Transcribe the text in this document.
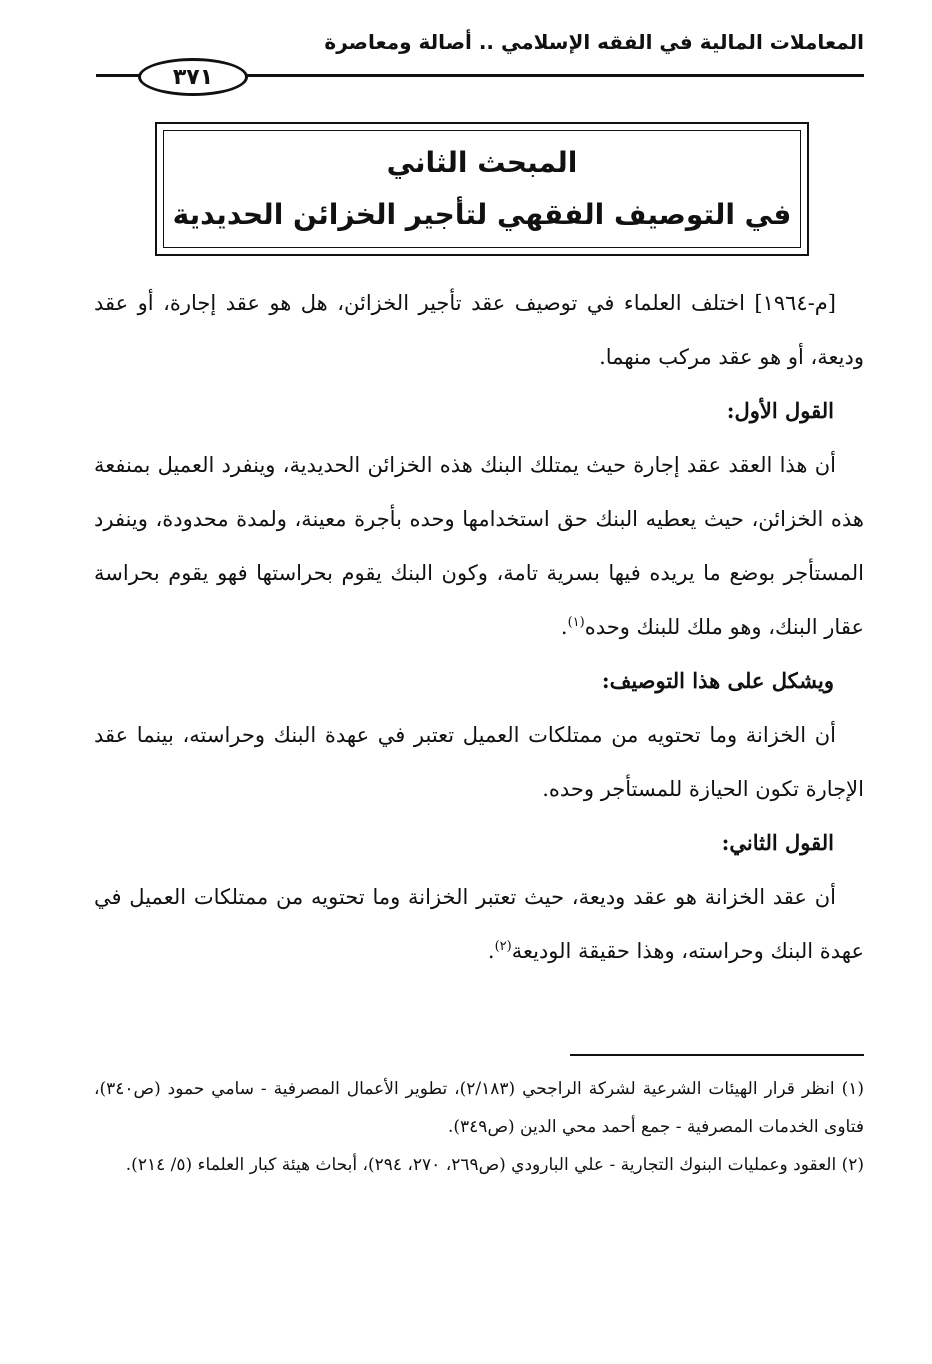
المعاملات المالية في الفقه الإسلامي .. أصالة ومعاصرة
٣٧١
المبحث الثاني
في التوصيف الفقهي لتأجير الخزائن الحديدية

[م-١٩٦٤] اختلف العلماء في توصيف عقد تأجير الخزائن، هل هو عقد إجارة، أو عقد وديعة، أو هو عقد مركب منهما.

القول الأول:

أن هذا العقد عقد إجارة حيث يمتلك البنك هذه الخزائن الحديدية، وينفرد العميل بمنفعة هذه الخزائن، حيث يعطيه البنك حق استخدامها وحده بأجرة معينة، ولمدة محدودة، وينفرد المستأجر بوضع ما يريده فيها بسرية تامة، وكون البنك يقوم بحراستها فهو يقوم بحراسة عقار البنك، وهو ملك للبنك وحده$^{(١)}$.

ويشكل على هذا التوصيف:

أن الخزانة وما تحتويه من ممتلكات العميل تعتبر في عهدة البنك وحراسته، بينما عقد الإجارة تكون الحيازة للمستأجر وحده.

القول الثاني:

أن عقد الخزانة هو عقد وديعة، حيث تعتبر الخزانة وما تحتويه من ممتلكات العميل في عهدة البنك وحراسته، وهذا حقيقة الوديعة$^{(٢)}$.

(١) انظر قرار الهيئات الشرعية لشركة الراجحي (٢/١٨٣)، تطوير الأعمال المصرفية - سامي حمود (ص٣٤٠)، فتاوى الخدمات المصرفية - جمع أحمد محي الدين (ص٣٤٩).

(٢) العقود وعمليات البنوك التجارية - علي البارودي (ص٢٦٩، ٢٧٠، ٢٩٤)، أبحاث هيئة كبار العلماء (٥/ ٢١٤).
